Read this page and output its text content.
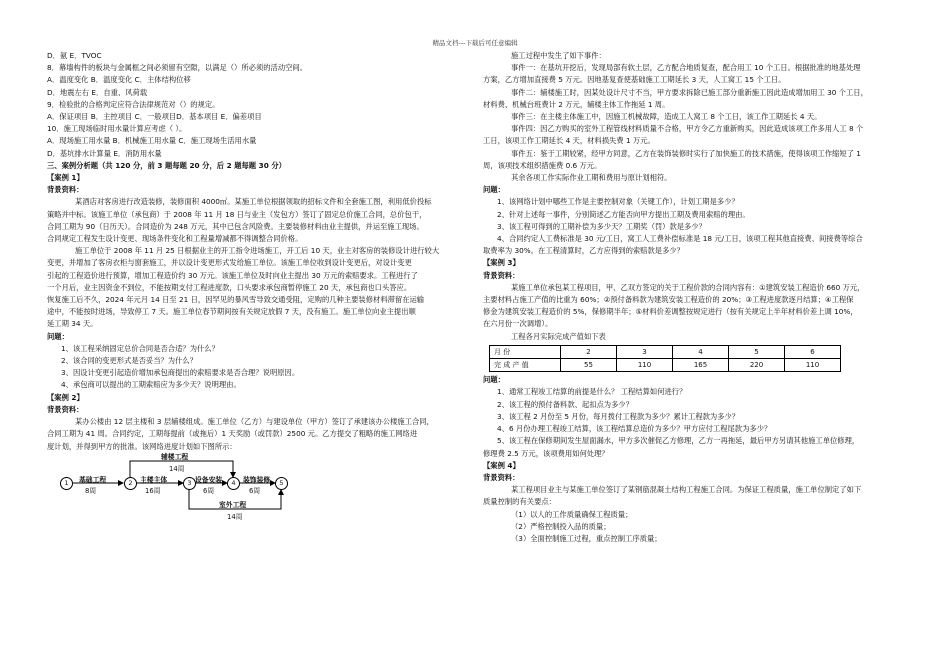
精品文档---下载后可任意编辑

D．氨 E．TVOC

8．幕墙构件的板块与金属框之间必须留有空隙，以满足（）所必须的活动空间。

A．温度变化 B．温度变化 C．主体结构位移

D．地震左右 E．自重、风荷载

9．检验批的合格判定应符合法律规范对（）的规定。

A．保证项目 B．主控项目 C．一般项目D．基本项目 E．偏差项目

10．施工现场临时用水量计算应考虑（ ）。

A．现场施工用水量 B．机械施工用水量 C．施工现场生活用水量

D．基坑排水计算量 E．消防用水量

三、案例分析题（共 120 分，前 3 题每题 20 分，后 2 题每题 30 分）

【案例 1】

背景资料：

某酒店对客房进行改造装修，装修面积 4000㎡。某施工单位根据领取的招标文件和全套施工图，利用低价投标

策略并中标。该施工单位（承包商）于 2008 年 11 月 18 日与业主（发包方）签订了固定总价施工合同，总价包干，

合同工期为 90（日历天）。合同造价为 248 万元，其中已包含风险费。主要装修材料由业主提供，并运至施工现场。

合同规定工程发生设计变更、现场条件变化和工程量增减都不得调整合同价格。

施工单位于 2008 年 11 月 25 日根据业主的开工指令进场施工，开工后 10 天，业主对客房的装修设计进行较大

变更，并增加了客房衣柜与窗套施工，并以设计变更形式发给施工单位。该施工单位收到设计变更后，对设计变更

引起的工程造价进行预算，增加工程造价约 30 万元。该施工单位及时向业主提出 30 万元的索赔要求。工程进行了

一个月后，业主因资金不到位，不能按期支付工程进度款，口头要求承包商暂停施工 20 天，承包商也口头答应。

恢复施工后不久，2024 年元月 14 日至 21 日，因罕见的暴风雪导致交通受阻，定购的几种主要装修材料滞留在运输

途中，不能按时进场，导致停工 7 天。施工单位春节期间按有关规定放假 7 天，没有施工。施工单位向业主提出顺

延工期 34 天。

问题：

1、该工程采纳固定总价合同是否合适？为什么？

2、该合同的变更形式是否妥当？为什么？

3、因设计变更引起造价增加承包商提出的索赔要求是否合理？说明原因。

4、承包商可以提出的工期索赔应为多少天？说明理由。

【案例 2】

背景资料：

某办公楼由 12 层主楼和 3 层辅楼组成。施工单位（乙方）与建设单位（甲方）签订了承建该办公楼施工合同，

合同工期为 41 周。合同约定，工期每提前（或拖后）1 天奖励（或罚款）2500 元。乙方提交了粗略的施工网络进

度计划，并得到甲方的批准。该网络进度计划如下图所示：

1	2	3	4	5
基础工程
8周
主楼主体
16周
辅楼工程
14周
设备安装
6周
装饰装修
6周
室外工程
14周

施工过程中发生了如下事件：

事件一：在基坑开挖后，发现局部有软土层，乙方配合地质复查，配合用工 10 个工日。根据批准的地基处理

方案，乙方增加直接费 5 万元。因地基复查使基础施工工期延长 3 天，人工窝工 15 个工日。

事件二：辅楼施工时，因某处设计尺寸不当，甲方要求拆除已施工部分重新施工因此造成增加用工 30 个工日，

材料费、机械台班费计 2 万元，辅楼主体工作拖延 1 周。

事件三：在主楼主体施工中，因施工机械故障，造成工人窝工 8 个工日，该工作工期延长 4 天。

事件四：因乙方购买的室外工程管线材料质量不合格，甲方令乙方重新购买，因此造成该项工作多用人工 8 个

工日，该项工作工期延长 4 天，材料损失费 1 万元。

事件五：鉴于工期较紧，经甲方同意，乙方在装饰装修时实行了加快施工的技术措施，使得该项工作缩短了 1

周，该项技术组织措施费 0.6 万元。

其余各项工作实际作业工期和费用与原计划相符。

问题：

1、该网络计划中哪些工作是主要控制对象（关键工作），计划工期是多少？

2、针对上述每一事件，分别简述乙方能否向甲方提出工期及费用索赔的理由。

3、该工程可得到的工期补偿为多少天？工期奖（罚）款是多少？

4、合同约定人工费标准是 30 元/工日，窝工人工费补偿标准是 18 元/工日，该项工程其他直接费、间接费等综合

取费率为 30%。在工程清算时，乙方应得到的索赔款是多少？

【案例 3】

背景资料：

某施工单位承包某工程项目，甲、乙双方签定的关于工程价款的合同内容有：①建筑安装工程造价 660 万元，

主要材料占施工产值的比重为 60%；②预付备料款为建筑安装工程造价的 20%；③工程进度款逐月结算；④工程保

修金为建筑安装工程造价的 5%，保修期半年；⑤材料价差调整按规定进行（按有关规定上半年材料价差上调 10%，

在六月份一次调增）。

工程各月实际完成产值如下表

月 份	2	3	4	5	6
完 成 产 值	55	110	165	220	110

问题：

1、通常工程竣工结算的前提是什么？ 工程结算如何进行？

2、该工程的预付备料款、起扣点为多少？

3、该工程 2 月份至 5 月份，每月拨付工程款为多少？累计工程款为多少？

4、6 月份办理工程竣工结算，该工程结算总造价为多少？甲方应付工程尾款为多少？

5、该工程在保修期间发生屋面漏水，甲方多次催促乙方修理，乙方一再拖延，最后甲方另请其他施工单位修理，

修理费 2.5 万元，该项费用如何处理？

【案例 4】

背景资料：

某工程项目业主与某施工单位签订了某钢筋混凝土结构工程施工合同。为保证工程质量，施工单位制定了如下

质量控制的有关要点：

（1）以人的工作质量确保工程质量；

（2）严格控制投入品的质量；

（3）全面控制施工过程，重点控制工序质量；
